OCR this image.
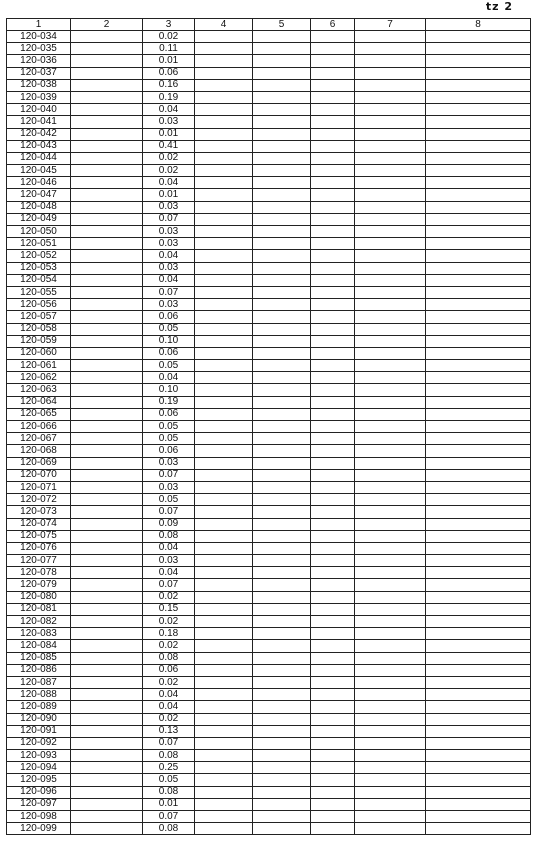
tz 2
1	2	3	4	5	6	7	8
120-034		0.02					
120-035		0.11					
120-036		0.01					
120-037		0.06					
120-038		0.16					
120-039		0.19					
120-040		0.04					
120-041		0.03					
120-042		0.01					
120-043		0.41					
120-044		0.02					
120-045		0.02					
120-046		0.04					
120-047		0.01					
120-048		0.03					
120-049		0.07					
120-050		0.03					
120-051		0.03					
120-052		0.04					
120-053		0.03					
120-054		0.04					
120-055		0.07					
120-056		0.03					
120-057		0.06					
120-058		0.05					
120-059		0.10					
120-060		0.06					
120-061		0.05					
120-062		0.04					
120-063		0.10					
120-064		0.19					
120-065		0.06					
120-066		0.05					
120-067		0.05					
120-068		0.06					
120-069		0.03					
120-070		0.07					
120-071		0.03					
120-072		0.05					
120-073		0.07					
120-074		0.09					
120-075		0.08					
120-076		0.04					
120-077		0.03					
120-078		0.04					
120-079		0.07					
120-080		0.02					
120-081		0.15					
120-082		0.02					
120-083		0.18					
120-084		0.02					
120-085		0.08					
120-086		0.06					
120-087		0.02					
120-088		0.04					
120-089		0.04					
120-090		0.02					
120-091		0.13					
120-092		0.07					
120-093		0.08					
120-094		0.25					
120-095		0.05					
120-096		0.08					
120-097		0.01					
120-098		0.07					
120-099		0.08					
